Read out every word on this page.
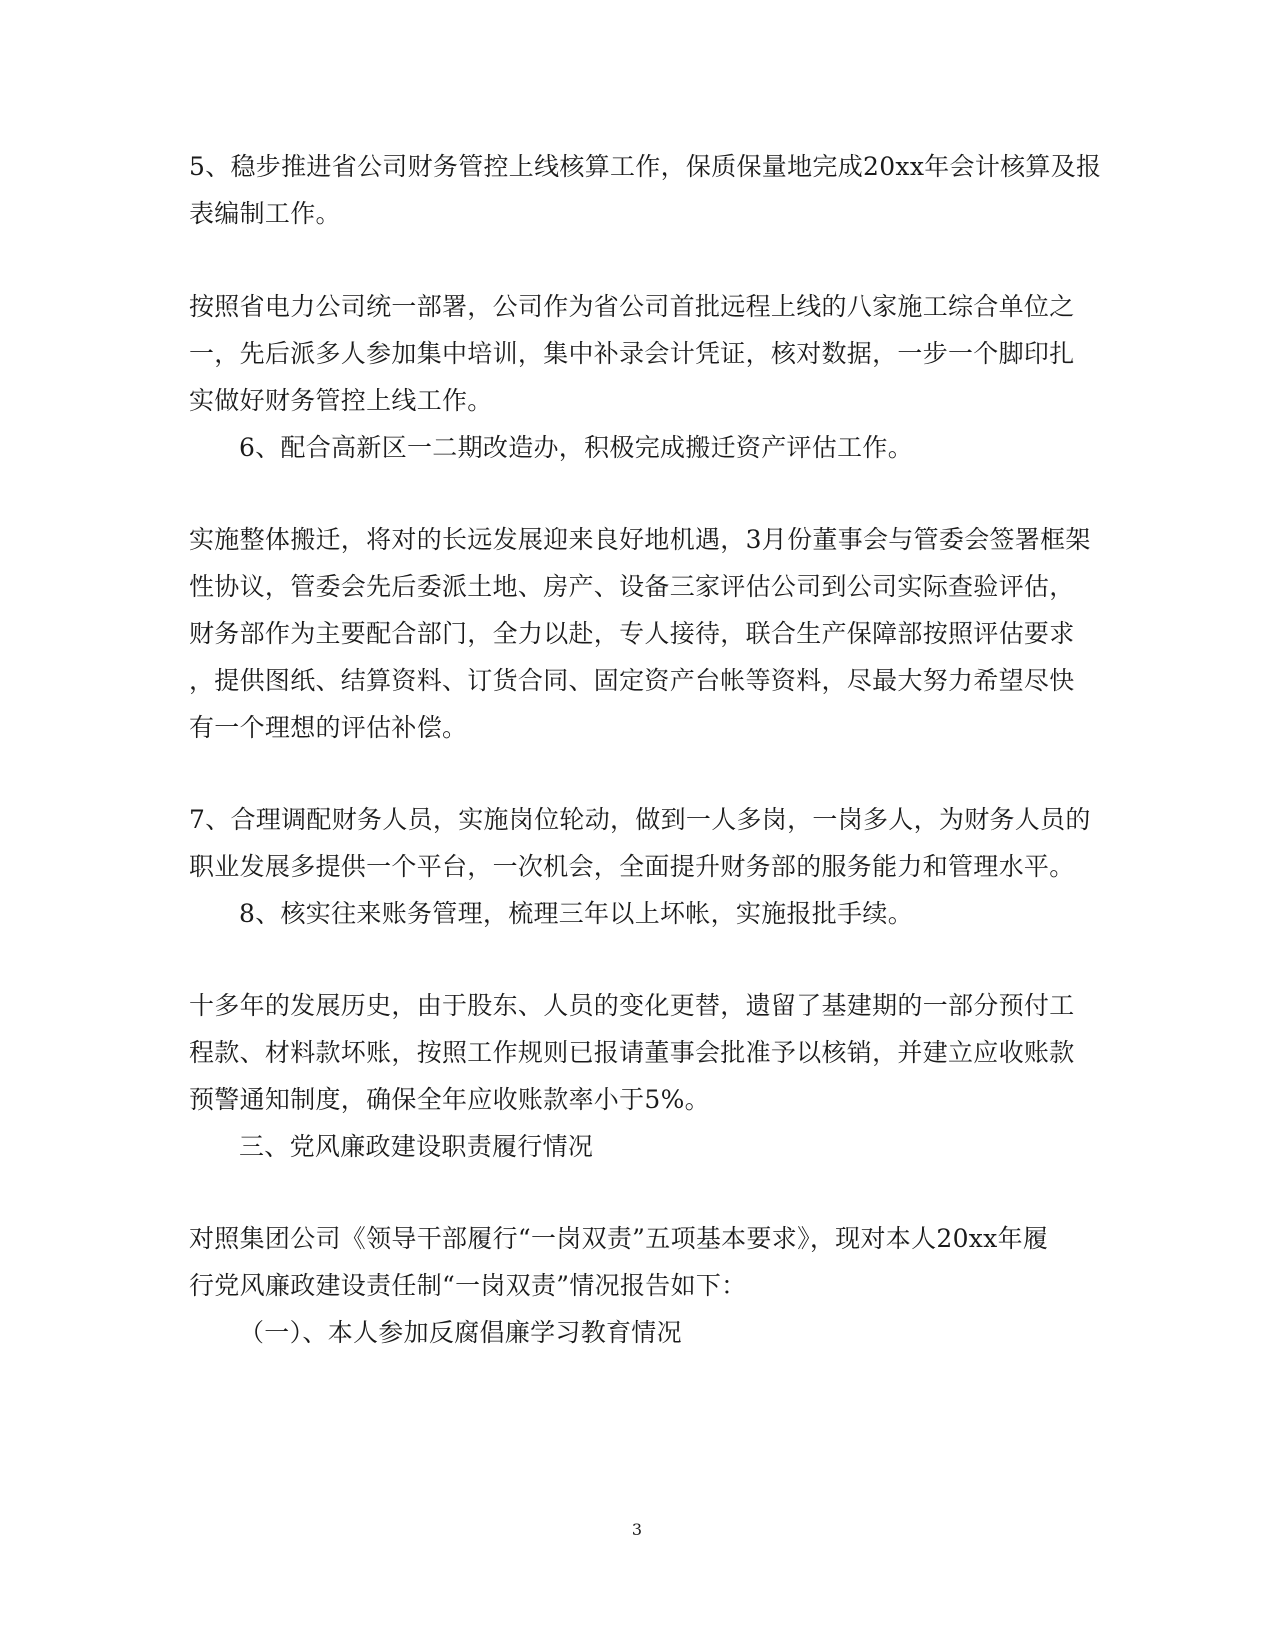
5、稳步推进省公司财务管控上线核算工作，保质保量地完成20xx年会计核算及报
表编制工作。
按照省电力公司统一部署，公司作为省公司首批远程上线的八家施工综合单位之
一，先后派多人参加集中培训，集中补录会计凭证，核对数据，一步一个脚印扎
实做好财务管控上线工作。
6、配合高新区一二期改造办，积极完成搬迁资产评估工作。
实施整体搬迁，将对的长远发展迎来良好地机遇，3月份董事会与管委会签署框架
性协议，管委会先后委派土地、房产、设备三家评估公司到公司实际查验评估，
财务部作为主要配合部门，全力以赴，专人接待，联合生产保障部按照评估要求
，提供图纸、结算资料、订货合同、固定资产台帐等资料，尽最大努力希望尽快
有一个理想的评估补偿。
7、合理调配财务人员，实施岗位轮动，做到一人多岗，一岗多人，为财务人员的
职业发展多提供一个平台，一次机会，全面提升财务部的服务能力和管理水平。
8、核实往来账务管理，梳理三年以上坏帐，实施报批手续。
十多年的发展历史，由于股东、人员的变化更替，遗留了基建期的一部分预付工
程款、材料款坏账，按照工作规则已报请董事会批准予以核销，并建立应收账款
预警通知制度，确保全年应收账款率小于5%。
三、党风廉政建设职责履行情况
对照集团公司《领导干部履行“一岗双责”五项基本要求》，现对本人20xx年履
行党风廉政建设责任制“一岗双责”情况报告如下：
（一）、本人参加反腐倡廉学习教育情况
3
